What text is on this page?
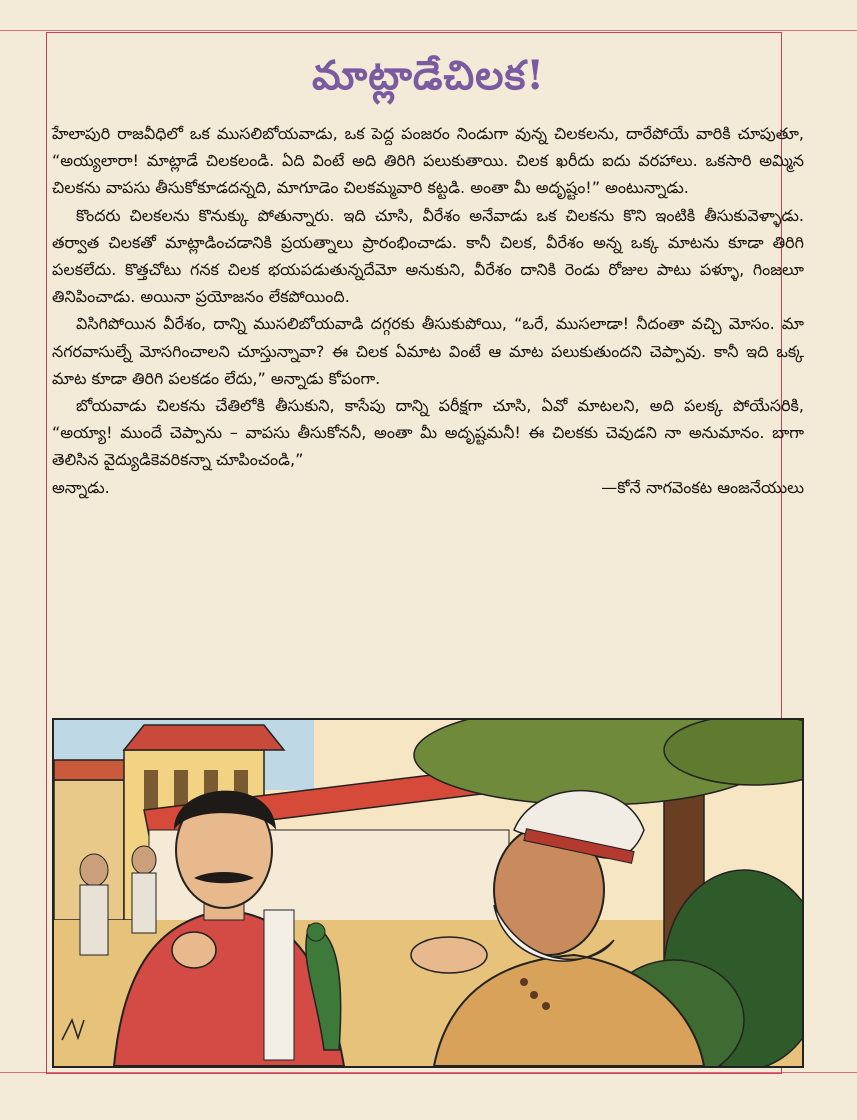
మాట్లాడేచిలక!

హేలాపురి రాజవీధిలో ఒక ముసలిబోయవాడు, ఒక పెద్ద పంజరం నిండుగా వున్న చిలకలను, దారేపోయే వారికి చూపుతూ, “అయ్యలారా! మాట్లాడే చిలకలండి. ఏది వింటే అది తిరిగి పలుకుతాయి. చిలక ఖరీదు ఐదు వరహాలు. ఒకసారి అమ్మిన చిలకను వాపసు తీసుకోకూడదన్నది, మాగూడెం చిలకమ్మవారి కట్టడి. అంతా మీ అదృష్టం!” అంటున్నాడు.

కొందరు చిలకలను కొనుక్కు పోతున్నారు. ఇది చూసి, వీరేశం అనేవాడు ఒక చిలకను కొని ఇంటికి తీసుకువెళ్ళాడు. తర్వాత చిలకతో మాట్లాడించడానికి ప్రయత్నాలు ప్రారంభించాడు. కానీ చిలక, వీరేశం అన్న ఒక్క మాటను కూడా తిరిగి పలకలేదు. కొత్తచోటు గనక చిలక భయపడుతున్నదేమో అనుకుని, వీరేశం దానికి రెండు రోజుల పాటు పళ్ళూ, గింజలూ తినిపించాడు. అయినా ప్రయోజనం లేకపోయింది.

విసిగిపోయిన వీరేశం, దాన్ని ముసలిబోయవాడి దగ్గరకు తీసుకుపోయి, “ఒరే, ముసలాడా! నీదంతా వచ్చి మోసం. మా నగరవాసుల్నే మోసగించాలని చూస్తున్నావా? ఈ చిలక ఏమాట వింటే ఆ మాట పలుకుతుందని చెప్పావు. కానీ ఇది ఒక్క మాట కూడా తిరిగి పలకడం లేదు,” అన్నాడు కోపంగా.

బోయవాడు చిలకను చేతిలోకి తీసుకుని, కాసేపు దాన్ని పరీక్షగా చూసి, ఏవో మాటలని, అది పలక్క పోయేసరికి, “అయ్యా! ముందే చెప్పాను – వాపసు తీసుకోననీ, అంతా మీ అదృష్టమనీ! ఈ చిలకకు చెవుడని నా అనుమానం. బాగా తెలిసిన వైద్యుడికెవరికన్నా చూపించండి,”

అన్నాడు.	—కోనే నాగవెంకట ఆంజనేయులు
